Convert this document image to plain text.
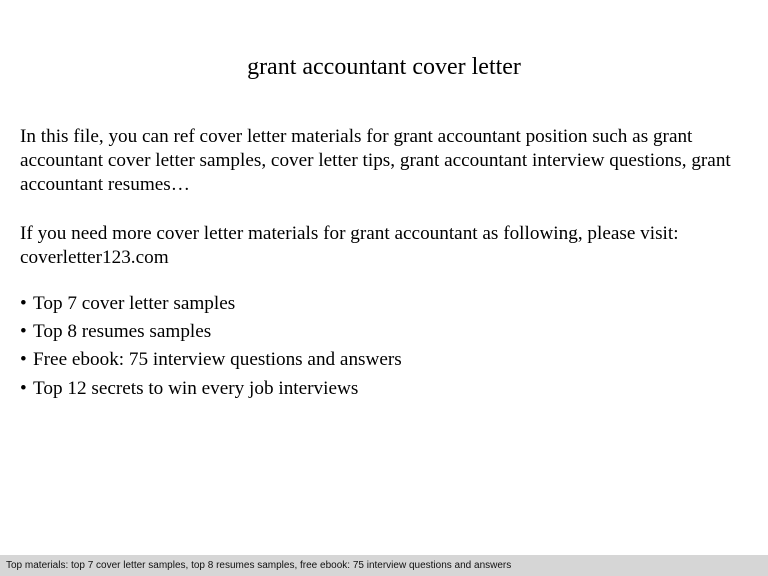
grant accountant cover letter

In this file, you can ref cover letter materials for grant accountant position such as grant accountant cover letter samples, cover letter tips, grant accountant interview questions, grant accountant resumes…

If you need more cover letter materials for grant accountant as following, please visit: coverletter123.com

• Top 7 cover letter samples
• Top 8 resumes samples
• Free ebook: 75 interview questions and answers
• Top 12 secrets to win every job interviews
Top materials: top 7 cover letter samples, top 8 resumes samples, free ebook: 75 interview questions and answers
